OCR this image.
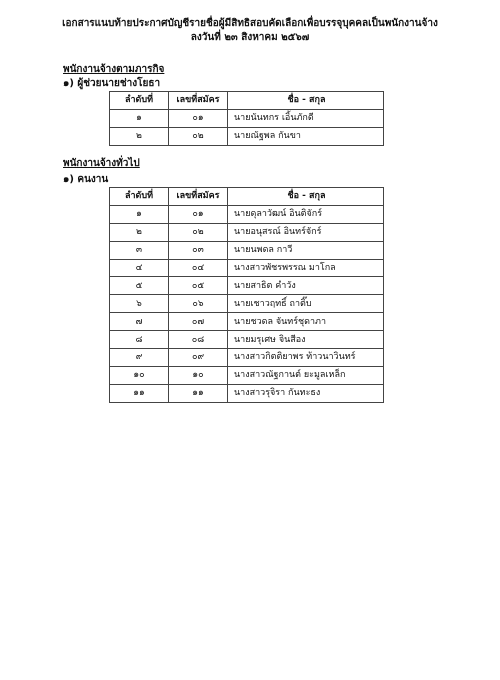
เอกสารแนบท้ายประกาศบัญชีรายชื่อผู้มีสิทธิสอบคัดเลือกเพื่อบรรจุบุคคลเป็นพนักงานจ้าง
ลงวันที่ ๒๓ สิงหาคม ๒๕๖๗
พนักงานจ้างตามภารกิจ
๑) ผู้ช่วยนายช่างโยธา
ลำดับที่	เลขที่สมัคร	ชื่อ - สกุล
๑	๐๑	นายนันทกร เอิ้นภักดี
๒	๐๒	นายณัฐพล กันขา
พนักงานจ้างทั่วไป
๑) คนงาน
ลำดับที่	เลขที่สมัคร	ชื่อ - สกุล
๑	๐๑	นายดุลาวัฒน์ อินติจักร์
๒	๐๒	นายอนุสรณ์ อินทร์จักร์
๓	๐๓	นายนพดล กาวี
๔	๐๔	นางสาวพัชรพรรณ มาโกล
๕	๐๕	นายสาธิต คำวัง
๖	๐๖	นายเชาวฤทธิ์ ถาติ๊บ
๗	๐๗	นายชวดล จันทร์ชุดาภา
๘	๐๘	นายมรุเศษ จินสีอง
๙	๐๙	นางสาวกิตติยาพร ท้าวนาวินทร์
๑๐	๑๐	นางสาวณัฐกานต์ ยะมูลเหล็ก
๑๑	๑๑	นางสาวรุจิรา กันทะธง
